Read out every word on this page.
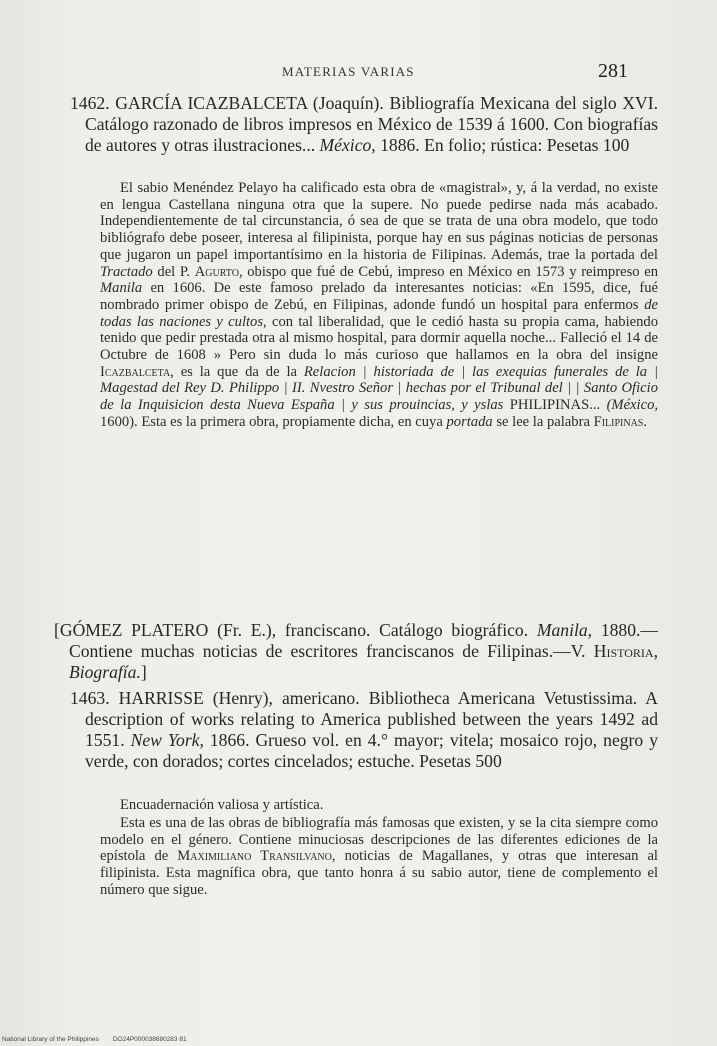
MATERIAS VARIAS	281
1462. GARCÍA ICAZBALCETA (Joaquín). Bibliografía Mexicana del siglo XVI. Catálogo razonado de libros impresos en México de 1539 á 1600. Con biografías de autores y otras ilustraciones... México, 1886. En folio; rústica: Pesetas 100
El sabio Menéndez Pelayo ha calificado esta obra de «magistral», y, á la verdad, no existe en lengua Castellana ninguna otra que la supere. No puede pedirse nada más acabado. Independientemente de tal circunstancia, ó sea de que se trata de una obra modelo, que todo bibliógrafo debe poseer, interesa al filipinista, porque hay en sus páginas noticias de personas que jugaron un papel importantísimo en la historia de Filipinas. Además, trae la portada del Tractado del P. Agurto, obispo que fué de Cebú, impreso en México en 1573 y reimpreso en Manila en 1606. De este famoso prelado da interesantes noticias: «En 1595, dice, fué nombrado primer obispo de Zebú, en Filipinas, adonde fundó un hospital para enfermos de todas las naciones y cultos, con tal liberalidad, que le cedió hasta su propia cama, habiendo tenido que pedir prestada otra al mismo hospital, para dormir aquella noche... Falleció el 14 de Octubre de 1608 » Pero sin duda lo más curioso que hallamos en la obra del insigne Icazbalceta, es la que da de la Relacion | historiada de | las exequias funerales de la | Magestad del Rey D. Philippo | II. Nvestro Señor | hechas por el Tribunal del | | Santo Oficio de la Inquisicion desta Nueva España | y sus prouincias, y yslas PHILIPINAS... (México, 1600). Esta es la primera obra, propiamente dicha, en cuya portada se lee la palabra Filipinas.
[GÓMEZ PLATERO (Fr. E.), franciscano. Catálogo biográfico. Manila, 1880.—Contiene muchas noticias de escritores franciscanos de Filipinas.—V. Historia, Biografía.]
1463. HARRISSE (Henry), americano. Bibliotheca Americana Vetustissima. A description of works relating to America published between the years 1492 ad 1551. New York, 1866. Grueso vol. en 4.° mayor; vitela; mosaico rojo, negro y verde, con dorados; cortes cincelados; estuche. Pesetas 500
Encuadernación valiosa y artística.
Esta es una de las obras de bibliografía más famosas que existen, y se la cita siempre como modelo en el género. Contiene minuciosas descripciones de las diferentes ediciones de la epístola de Maximiliano Transilvano, noticias de Magallanes, y otras que interesan al filipinista. Esta magnífica obra, que tanto honra á su sabio autor, tiene de complemento el número que sigue.
National Library of the Philippines DO24P000038680283 81
